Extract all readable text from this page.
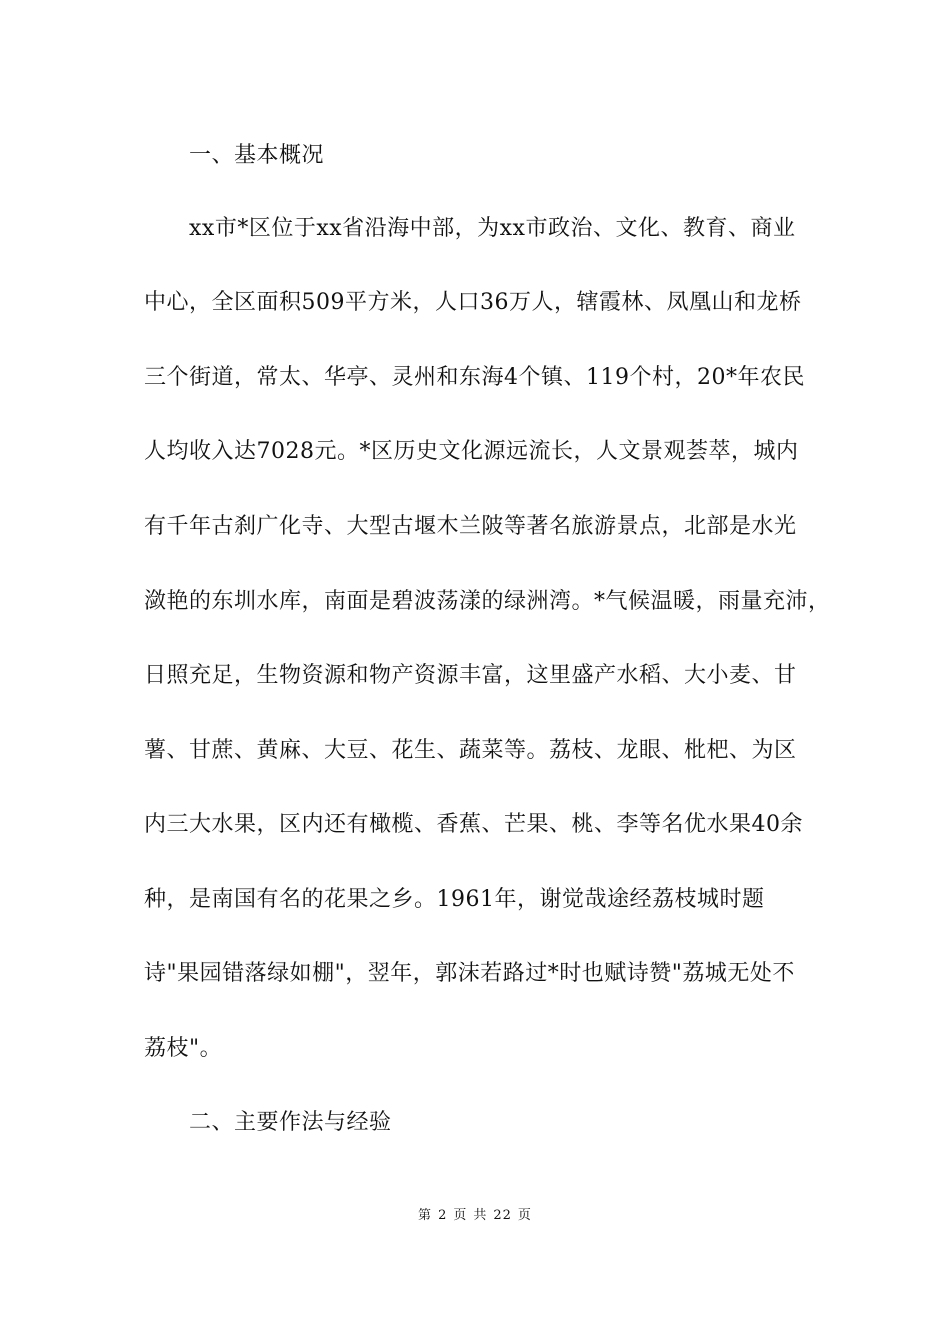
一、基本概况
xx市*区位于xx省沿海中部，为xx市政治、文化、教育、商业
中心，全区面积509平方米，人口36万人，辖霞林、凤凰山和龙桥
三个街道，常太、华亭、灵州和东海4个镇、119个村，20*年农民
人均收入达7028元。*区历史文化源远流长，人文景观荟萃，城内
有千年古刹广化寺、大型古堰木兰陂等著名旅游景点，北部是水光
潋艳的东圳水库，南面是碧波荡漾的绿洲湾。*气候温暖，雨量充沛，
日照充足，生物资源和物产资源丰富，这里盛产水稻、大小麦、甘
薯、甘蔗、黄麻、大豆、花生、蔬菜等。荔枝、龙眼、枇杷、为区
内三大水果，区内还有橄榄、香蕉、芒果、桃、李等名优水果40余
种，是南国有名的花果之乡。1961年，谢觉哉途经荔枝城时题
诗"果园错落绿如棚"，翌年，郭沫若路过*时也赋诗赞"荔城无处不
荔枝"。
二、主要作法与经验
第 2 页 共 22 页
